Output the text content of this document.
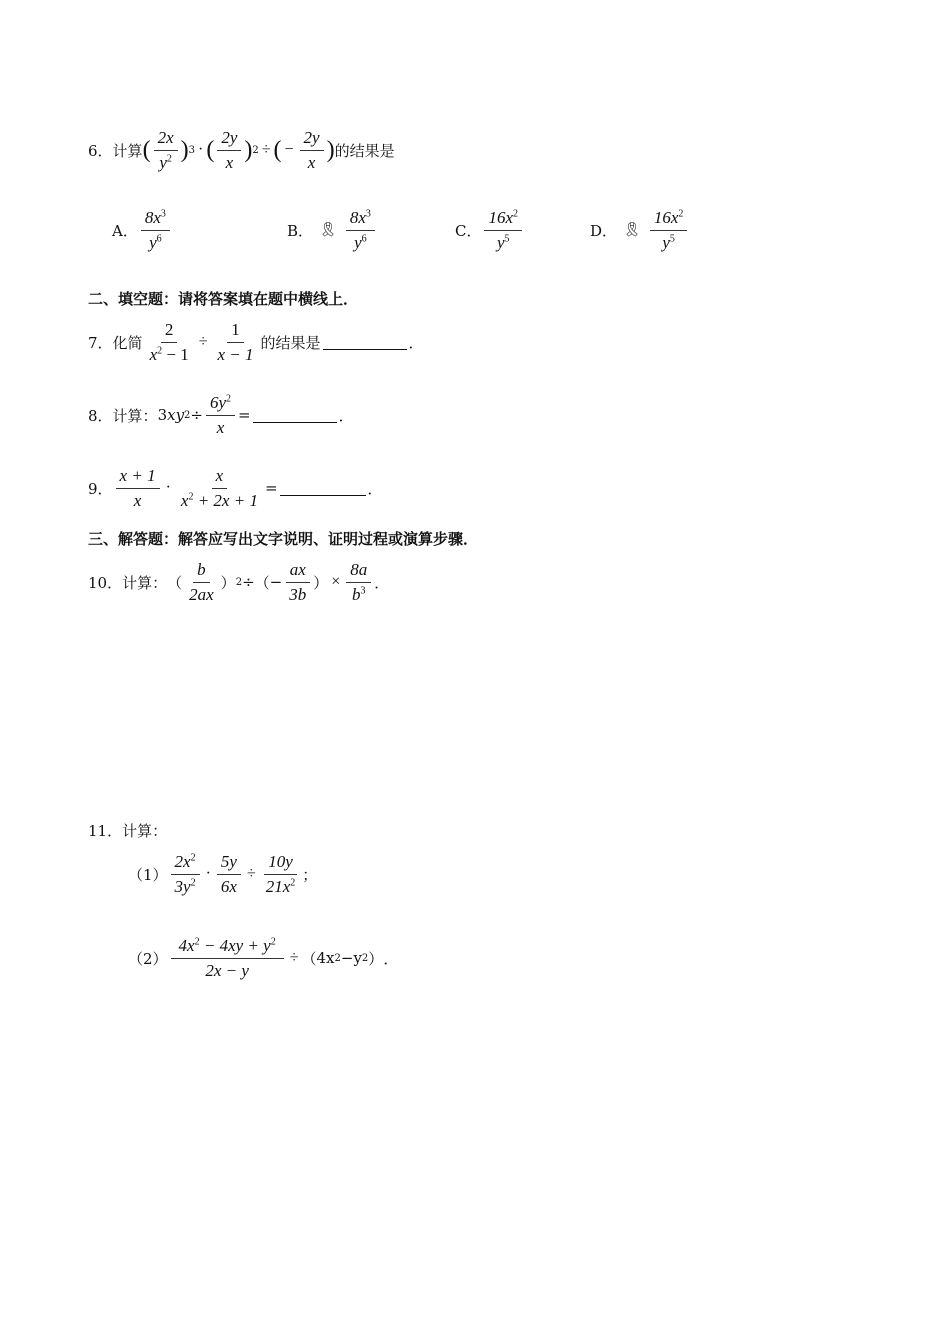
6． 计算 ( $\frac{2x}{y^2}$ ) 3 · ( $\frac{2y}{x}$ ) 2 ÷ ( − $\frac{2y}{x}$ ) 的结果是
A． $\frac{8x^3}{y^6}$	B． 🎗 $\frac{8x^3}{y^6}$	C． $\frac{16x^2}{y^5}$	D． 🎗 $\frac{16x^2}{y^5}$
二、填空题：请将答案填在题中横线上．
7． 化简 $\frac{2}{x^2 - 1} \div \frac{1}{x - 1}$ 的结果是	．
8． 计算： 3 xy $2 \div \frac{6y^2}{x}$ =	．
9． $\frac{x + 1}{x} \cdot \frac{x}{x^2 + 2x + 1}$ =	．
三、解答题：解答应写出文字说明、证明过程或演算步骤．
10． 计算： （ $\frac{b}{2ax}$ ） 2 ÷ （ − $\frac{ax}{3b}$ ） × $\frac{8a}{b^3}$ ．
11． 计算：
$(1) \frac{2x^2}{3y^2} \cdot \frac{5y}{6x} \div \frac{10y}{21x^2}$ ；
$(2) \frac{4x^2 - 4xy + y^2}{2x - y}$ ÷ （ 4x 2 −y 2 ） ．
